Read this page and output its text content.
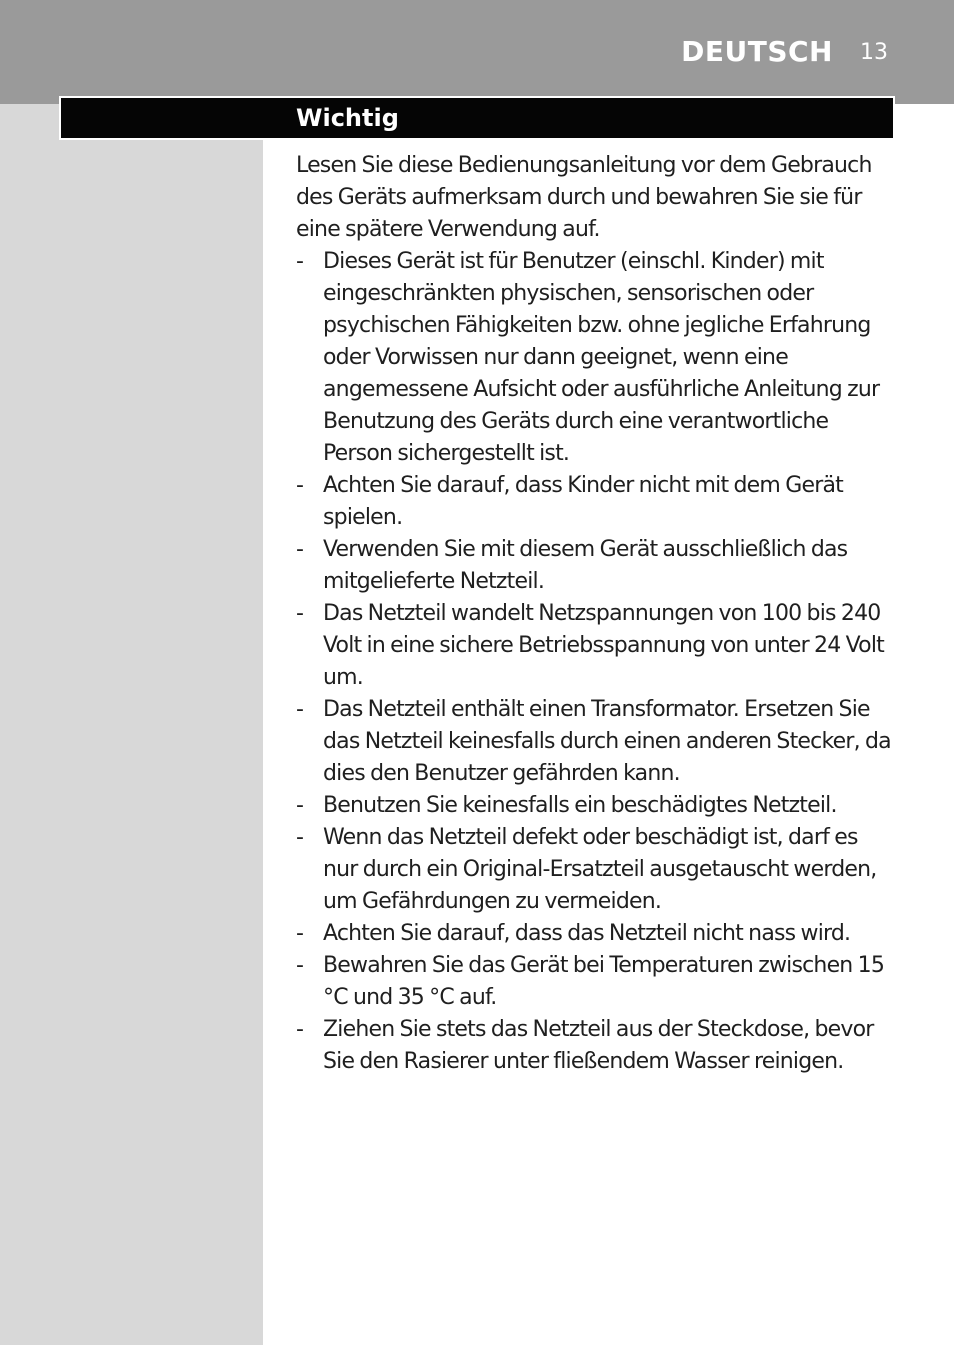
DEUTSCH 13
Wichtig

Lesen Sie diese Bedienungsanleitung vor dem Gebrauch des Geräts aufmerksam durch und bewahren Sie sie für eine spätere Verwendung auf.

- Dieses Gerät ist für Benutzer (einschl. Kinder) mit eingeschränkten physischen, sensorischen oder psychischen Fähigkeiten bzw. ohne jegliche Erfahrung oder Vorwissen nur dann geeignet, wenn eine angemessene Aufsicht oder ausführliche Anleitung zur Benutzung des Geräts durch eine verantwortliche Person sichergestellt ist.
- Achten Sie darauf, dass Kinder nicht mit dem Gerät spielen.
- Verwenden Sie mit diesem Gerät ausschließlich das mitgelieferte Netzteil.
- Das Netzteil wandelt Netzspannungen von 100 bis 240 Volt in eine sichere Betriebsspannung von unter 24 Volt um.
- Das Netzteil enthält einen Transformator. Ersetzen Sie das Netzteil keinesfalls durch einen anderen Stecker, da dies den Benutzer gefährden kann.
- Benutzen Sie keinesfalls ein beschädigtes Netzteil.
- Wenn das Netzteil defekt oder beschädigt ist, darf es nur durch ein Original-Ersatzteil ausgetauscht werden, um Gefährdungen zu vermeiden.
- Achten Sie darauf, dass das Netzteil nicht nass wird.
- Bewahren Sie das Gerät bei Temperaturen zwischen 15 °C und 35 °C auf.
- Ziehen Sie stets das Netzteil aus der Steckdose, bevor Sie den Rasierer unter fließendem Wasser reinigen.
